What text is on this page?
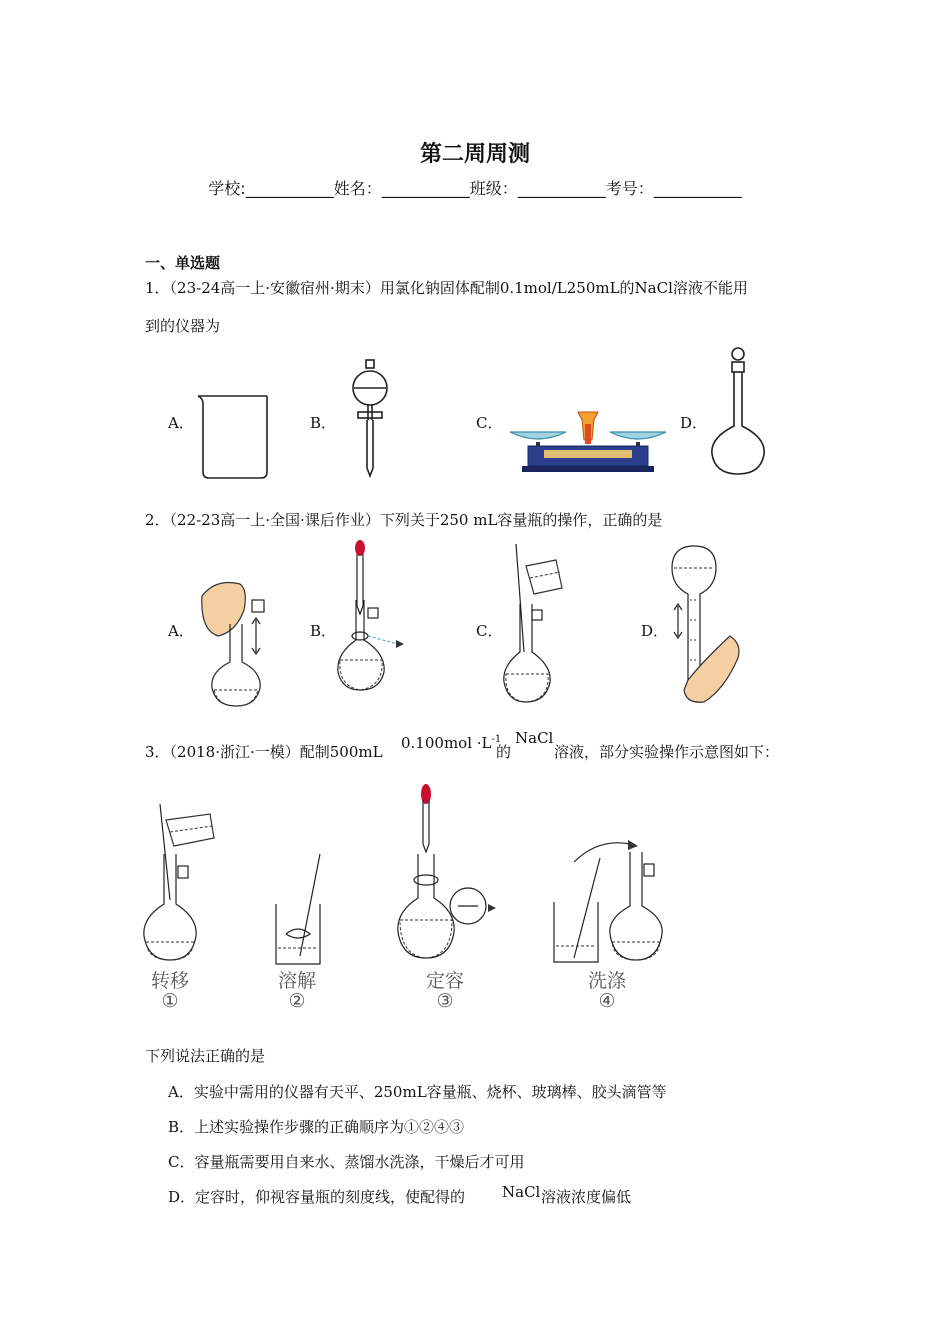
第二周周测
学校:___________姓名：___________班级：___________考号：___________
一、单选题
1．（23-24高一上·安徽宿州·期末）用氯化钠固体配制0.1mol/L250mL的NaCl溶液不能用
到的仪器为
A．	B．	C．	D．
2．（22-23高一上·全国·课后作业）下列关于250 mL容量瓶的操作，正确的是
A．	B．	C．	D．
3．（2018·浙江·一模）配制500mL $0.100mol \cdot L^{-1}$
的
NaCl
溶液，部分实验操作示意图如下：
转移
①
溶解
②
定容
③
洗涤
④
下列说法正确的是
A．实验中需用的仪器有天平、250mL容量瓶、烧杯、玻璃棒、胶头滴管等
B．上述实验操作步骤的正确顺序为①②④③
C．容量瓶需要用自来水、蒸馏水洗涤，干燥后才可用
D．定容时，仰视容量瓶的刻度线，使配得的 NaCl 溶液浓度偏低
